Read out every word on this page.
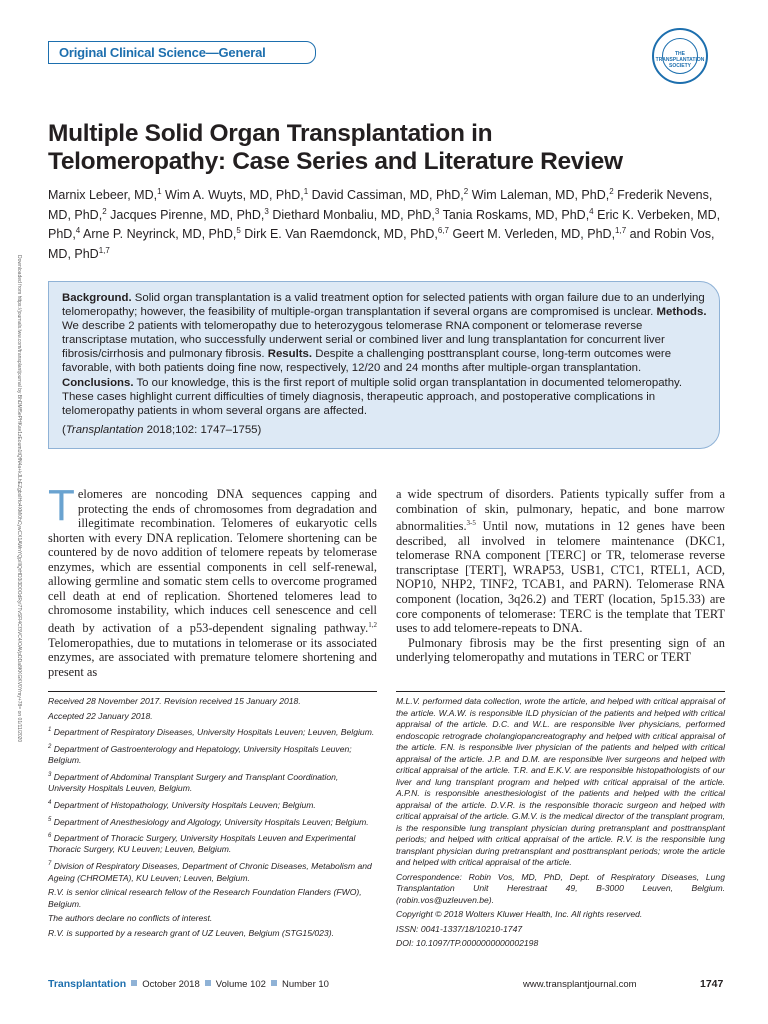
Original Clinical Science—General	THE TRANSPLANTATION SOCIETY
Downloaded from https://journals.lww.com/transplantjournal by BhDMf5ePHKav1zEoum1tQfN4a+kJLhEZgbsIHo4XMi0hCywCX1AWnYQp/IlQrHD3i3D0OdRyi7TvSFl4Cf3VC4/OAVpDDa8KKGKV0Ymy+78= on 01/11/2020
Multiple Solid Organ Transplantation in
Telomeropathy: Case Series and Literature Review
Marnix Lebeer, MD,$^1$ Wim A. Wuyts, MD, PhD,$^1$ David Cassiman, MD, PhD,$^2$ Wim Laleman, MD, PhD,$^2$ Frederik Nevens, MD, PhD,$^2$ Jacques Pirenne, MD, PhD,$^3$ Diethard Monbaliu, MD, PhD,$^3$ Tania Roskams, MD, PhD,$^4$ Eric K. Verbeken, MD, PhD,$^4$ Arne P. Neyrinck, MD, PhD,$^5$ Dirk E. Van Raemdonck, MD, PhD,$^{6,7}$ Geert M. Verleden, MD, PhD,$^{1,7}$ and Robin Vos, MD, PhD$^{1,7}$
Background. Solid organ transplantation is a valid treatment option for selected patients with organ failure due to an underlying telomeropathy; however, the feasibility of multiple-organ transplantation if several organs are compromised is unclear. Methods. We describe 2 patients with telomeropathy due to heterozygous telomerase RNA component or telomerase reverse transcriptase mutation, who successfully underwent serial or combined liver and lung transplantation for concurrent liver fibrosis/cirrhosis and pulmonary fibrosis. Results. Despite a challenging posttransplant course, long-term outcomes were favorable, with both patients doing fine now, respectively, 12/20 and 24 months after multiple-organ transplantation. Conclusions. To our knowledge, this is the first report of multiple solid organ transplantation in documented telomeropathy. These cases highlight current difficulties of timely diagnosis, therapeutic approach, and postoperative complications in telomeropathy patients in whom several organs are affected.
(Transplantation 2018;102: 1747–1755)

Telomeres are noncoding DNA sequences capping and protecting the ends of chromosomes from degradation and illegitimate recombination. Telomeres of eukaryotic cells shorten with every DNA replication. Telomere shortening can be countered by de novo addition of telomere repeats by telomerase enzymes, which are essential components in cell self-renewal, allowing germline and somatic stem cells to overcome programed cell death at end of replication. Shortened telomeres lead to chromosome instability, which induces cell senescence and cell death by activation of a p53-dependent signaling pathway.$^{1,2}$ Telomeropathies, due to mutations in telomerase or its associated enzymes, are associated with premature telomere shortening and present as

a wide spectrum of disorders. Patients typically suffer from a combination of skin, pulmonary, hepatic, and bone marrow abnormalities.$^{3-5}$ Until now, mutations in 12 genes have been described, all involved in telomere maintenance (DKC1, telomerase RNA component [TERC] or TR, telomerase reverse transcriptase [TERT], WRAP53, USB1, CTC1, RTEL1, ACD, NOP10, NHP2, TINF2, TCAB1, and PARN). Telomerase RNA component (location, 3q26.2) and TERT (location, 5p15.33) are core components of telomerase: TERC is the template that TERT uses to add telomere-repeats to DNA.

Pulmonary fibrosis may be the first presenting sign of an underlying telomeropathy and mutations in TERC or TERT

Received 28 November 2017. Revision received 15 January 2018.

Accepted 22 January 2018.

$^1$ Department of Respiratory Diseases, University Hospitals Leuven; Leuven, Belgium.

$^2$ Department of Gastroenterology and Hepatology, University Hospitals Leuven; Belgium.

$^3$ Department of Abdominal Transplant Surgery and Transplant Coordination, University Hospitals Leuven, Belgium.

$^4$ Department of Histopathology, University Hospitals Leuven; Belgium.

$^5$ Department of Anesthesiology and Algology, University Hospitals Leuven; Belgium.

$^6$ Department of Thoracic Surgery, University Hospitals Leuven and Experimental Thoracic Surgery, KU Leuven; Leuven, Belgium.

$^7$ Division of Respiratory Diseases, Department of Chronic Diseases, Metabolism and Ageing (CHROMETA), KU Leuven; Leuven, Belgium.

R.V. is senior clinical research fellow of the Research Foundation Flanders (FWO), Belgium.

The authors declare no conflicts of interest.

R.V. is supported by a research grant of UZ Leuven, Belgium (STG15/023).

M.L.V. performed data collection, wrote the article, and helped with critical appraisal of the article. W.A.W. is responsible ILD physician of the patients and helped with critical appraisal of the article. D.C. and W.L. are responsible liver physicians, performed endoscopic retrograde cholangiopancreatography and helped with critical appraisal of the article. F.N. is responsible liver physician of the patients and helped with critical appraisal of the article. J.P. and D.M. are responsible liver surgeons and helped with critical appraisal of the article. T.R. and E.K.V. are responsible histopathologists of our liver and lung transplant program and helped with critical appraisal of the article. A.P.N. is responsible anesthesiologist of the patients and helped with the critical appraisal of the article. D.V.R. is the responsible thoracic surgeon and helped with critical appraisal of the article. G.M.V. is the medical director of the transplant program, is the responsible lung transplant physician during pretransplant and posttransplant periods; and helped with critical appraisal of the article. R.V. is the responsible lung transplant physician during pretransplant and posttransplant periods; wrote the article and helped with critical appraisal of the article.

Correspondence: Robin Vos, MD, PhD, Dept. of Respiratory Diseases, Lung Transplantation Unit Herestraat 49, B-3000 Leuven, Belgium. (robin.vos@uzleuven.be).

Copyright © 2018 Wolters Kluwer Health, Inc. All rights reserved.

ISSN: 0041-1337/18/10210-1747

DOI: 10.1097/TP.0000000000002198

Transplantation October 2018 Volume 102 Number 10	www.transplantjournal.com	1747
